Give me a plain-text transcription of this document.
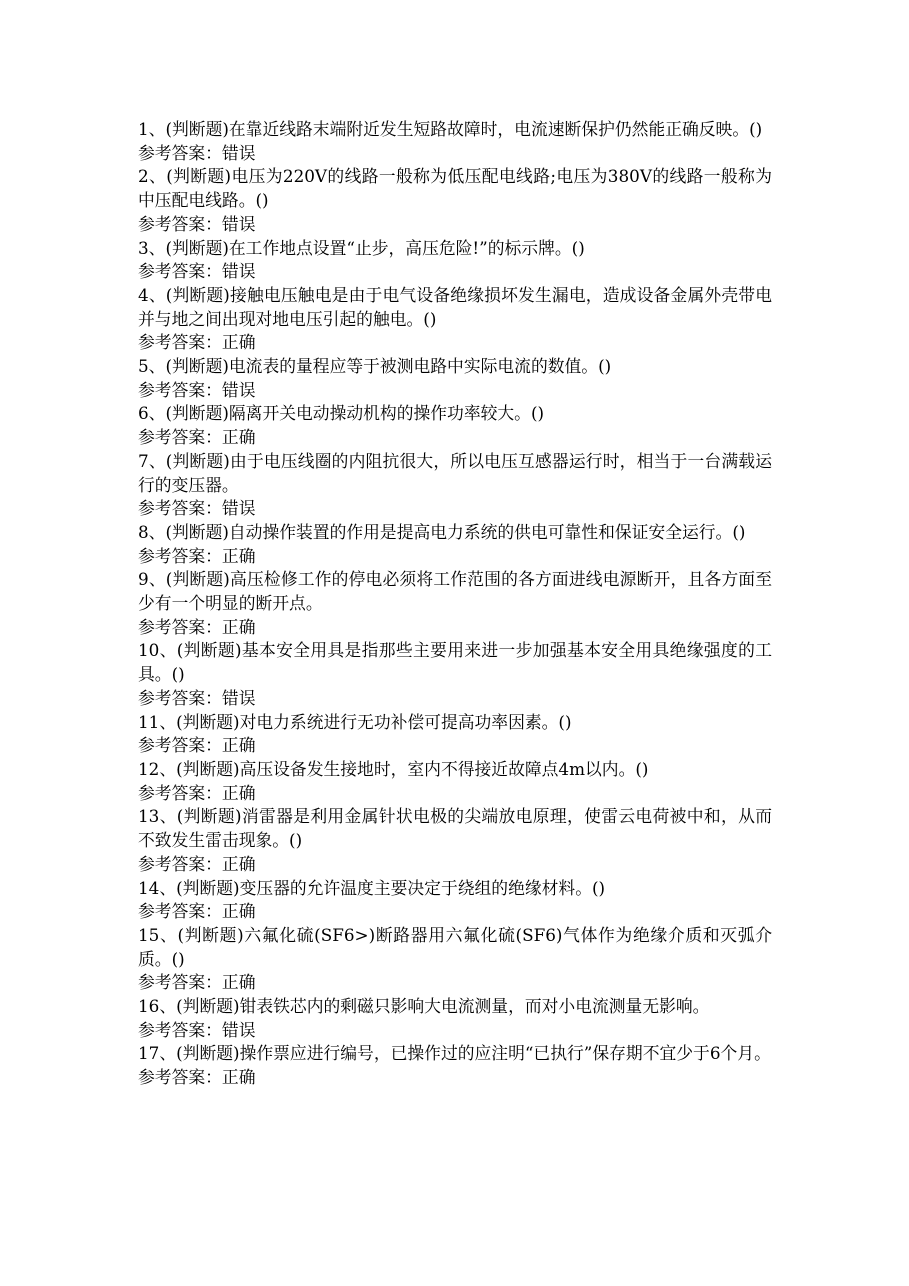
1、(判断题)在靠近线路末端附近发生短路故障时，电流速断保护仍然能正确反映。()

参考答案：错误

2、(判断题)电压为220V的线路一般称为低压配电线路;电压为380V的线路一般称为中压配电线路。()

参考答案：错误

3、(判断题)在工作地点设置“止步，高压危险!”的标示牌。()

参考答案：错误

4、(判断题)接触电压触电是由于电气设备绝缘损坏发生漏电，造成设备金属外壳带电并与地之间出现对地电压引起的触电。()

参考答案：正确

5、(判断题)电流表的量程应等于被测电路中实际电流的数值。()

参考答案：错误

6、(判断题)隔离开关电动操动机构的操作功率较大。()

参考答案：正确

7、(判断题)由于电压线圈的内阻抗很大，所以电压互感器运行时，相当于一台满载运行的变压器。

参考答案：错误

8、(判断题)自动操作装置的作用是提高电力系统的供电可靠性和保证安全运行。()

参考答案：正确

9、(判断题)高压检修工作的停电必须将工作范围的各方面进线电源断开，且各方面至少有一个明显的断开点。

参考答案：正确

10、(判断题)基本安全用具是指那些主要用来进一步加强基本安全用具绝缘强度的工具。()

参考答案：错误

11、(判断题)对电力系统进行无功补偿可提高功率因素。()

参考答案：正确

12、(判断题)高压设备发生接地时，室内不得接近故障点4m以内。()

参考答案：正确

13、(判断题)消雷器是利用金属针状电极的尖端放电原理，使雷云电荷被中和，从而不致发生雷击现象。()

参考答案：正确

14、(判断题)变压器的允许温度主要决定于绕组的绝缘材料。()

参考答案：正确

15、(判断题)六氟化硫(SF6>)断路器用六氟化硫(SF6)气体作为绝缘介质和灭弧介质。()

参考答案：正确

16、(判断题)钳表铁芯内的剩磁只影响大电流测量，而对小电流测量无影响。

参考答案：错误

17、(判断题)操作票应进行编号，已操作过的应注明“已执行”保存期不宜少于6个月。

参考答案：正确
